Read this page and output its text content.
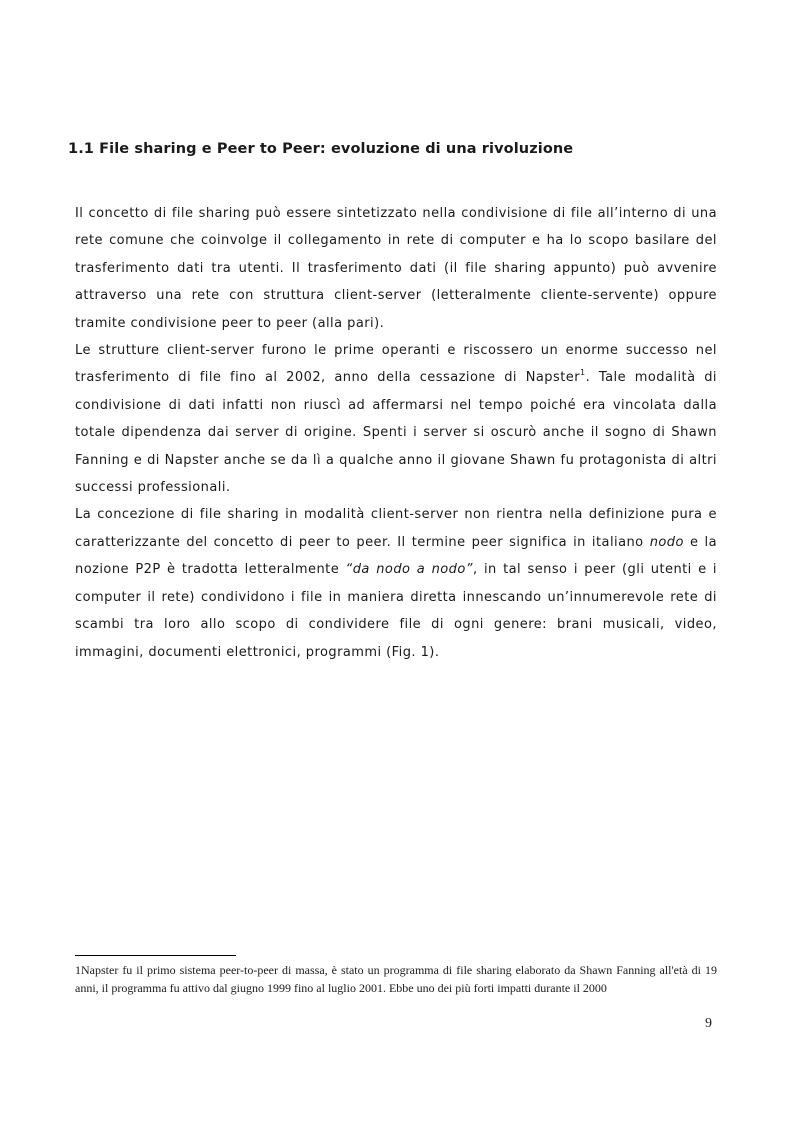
1.1 File sharing e Peer to Peer: evoluzione di una rivoluzione

Il concetto di file sharing può essere sintetizzato nella condivisione di file all’interno di una rete comune che coinvolge il collegamento in rete di computer e ha lo scopo basilare del trasferimento dati tra utenti. Il trasferimento dati (il file sharing appunto) può avvenire attraverso una rete con struttura client-server (letteralmente cliente-servente) oppure tramite condivisione peer to peer (alla pari).

Le strutture client-server furono le prime operanti e riscossero un enorme successo nel trasferimento di file fino al 2002, anno della cessazione di Napster$^1$. Tale modalità di condivisione di dati infatti non riuscì ad affermarsi nel tempo poiché era vincolata dalla totale dipendenza dai server di origine. Spenti i server si oscurò anche il sogno di Shawn Fanning e di Napster anche se da lì a qualche anno il giovane Shawn fu protagonista di altri successi professionali.

La concezione di file sharing in modalità client-server non rientra nella definizione pura e caratterizzante del concetto di peer to peer. Il termine peer significa in italiano nodo e la nozione P2P è tradotta letteralmente “da nodo a nodo”, in tal senso i peer (gli utenti e i computer il rete) condividono i file in maniera diretta innescando un’innumerevole rete di scambi tra loro allo scopo di condividere file di ogni genere: brani musicali, video, immagini, documenti elettronici, programmi (Fig. 1).

1Napster fu il primo sistema peer-to-peer di massa, è stato un programma di file sharing elaborato da Shawn Fanning all'età di 19 anni, il programma fu attivo dal giugno 1999 fino al luglio 2001. Ebbe uno dei più forti impatti durante il 2000

9
